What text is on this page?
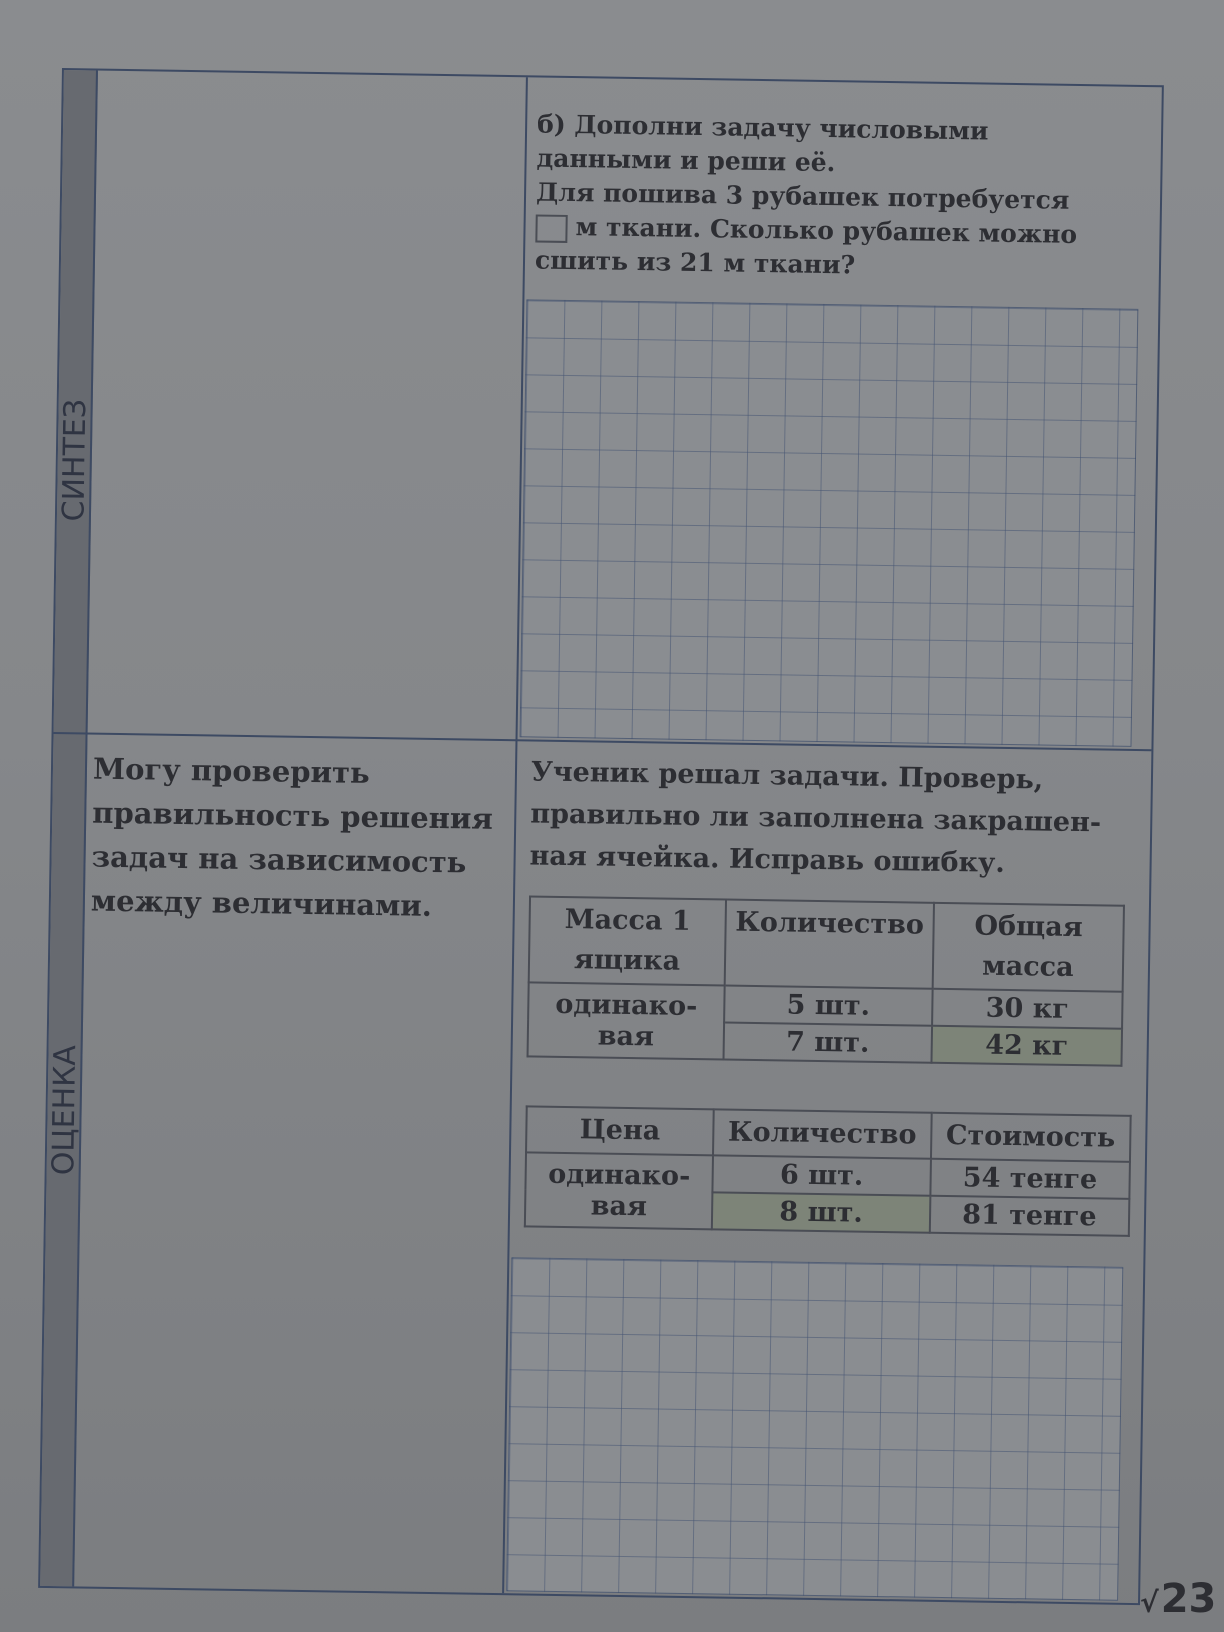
СИНТЕЗ
ОЦЕНКА
б) Дополни задачу числовыми
данными и реши её.
Для пошива 3 рубашек потребуется
м ткани. Сколько рубашек можно
сшить из 21 м ткани?
Могу проверить правильность решения задач на зависимость между величинами.
Ученик решал задачи. Проверь,
правильно ли заполнена закрашен-
ная ячейка. Исправь ошибку.
Масса 1 ящика	Количество	Общая масса
одинако-вая	5 шт.	30 кг
	7 шт.	42 кг
Цена	Количество	Стоимость
одинако-вая	6 шт.	54 тенге
	8 шт.	81 тенге
√23
